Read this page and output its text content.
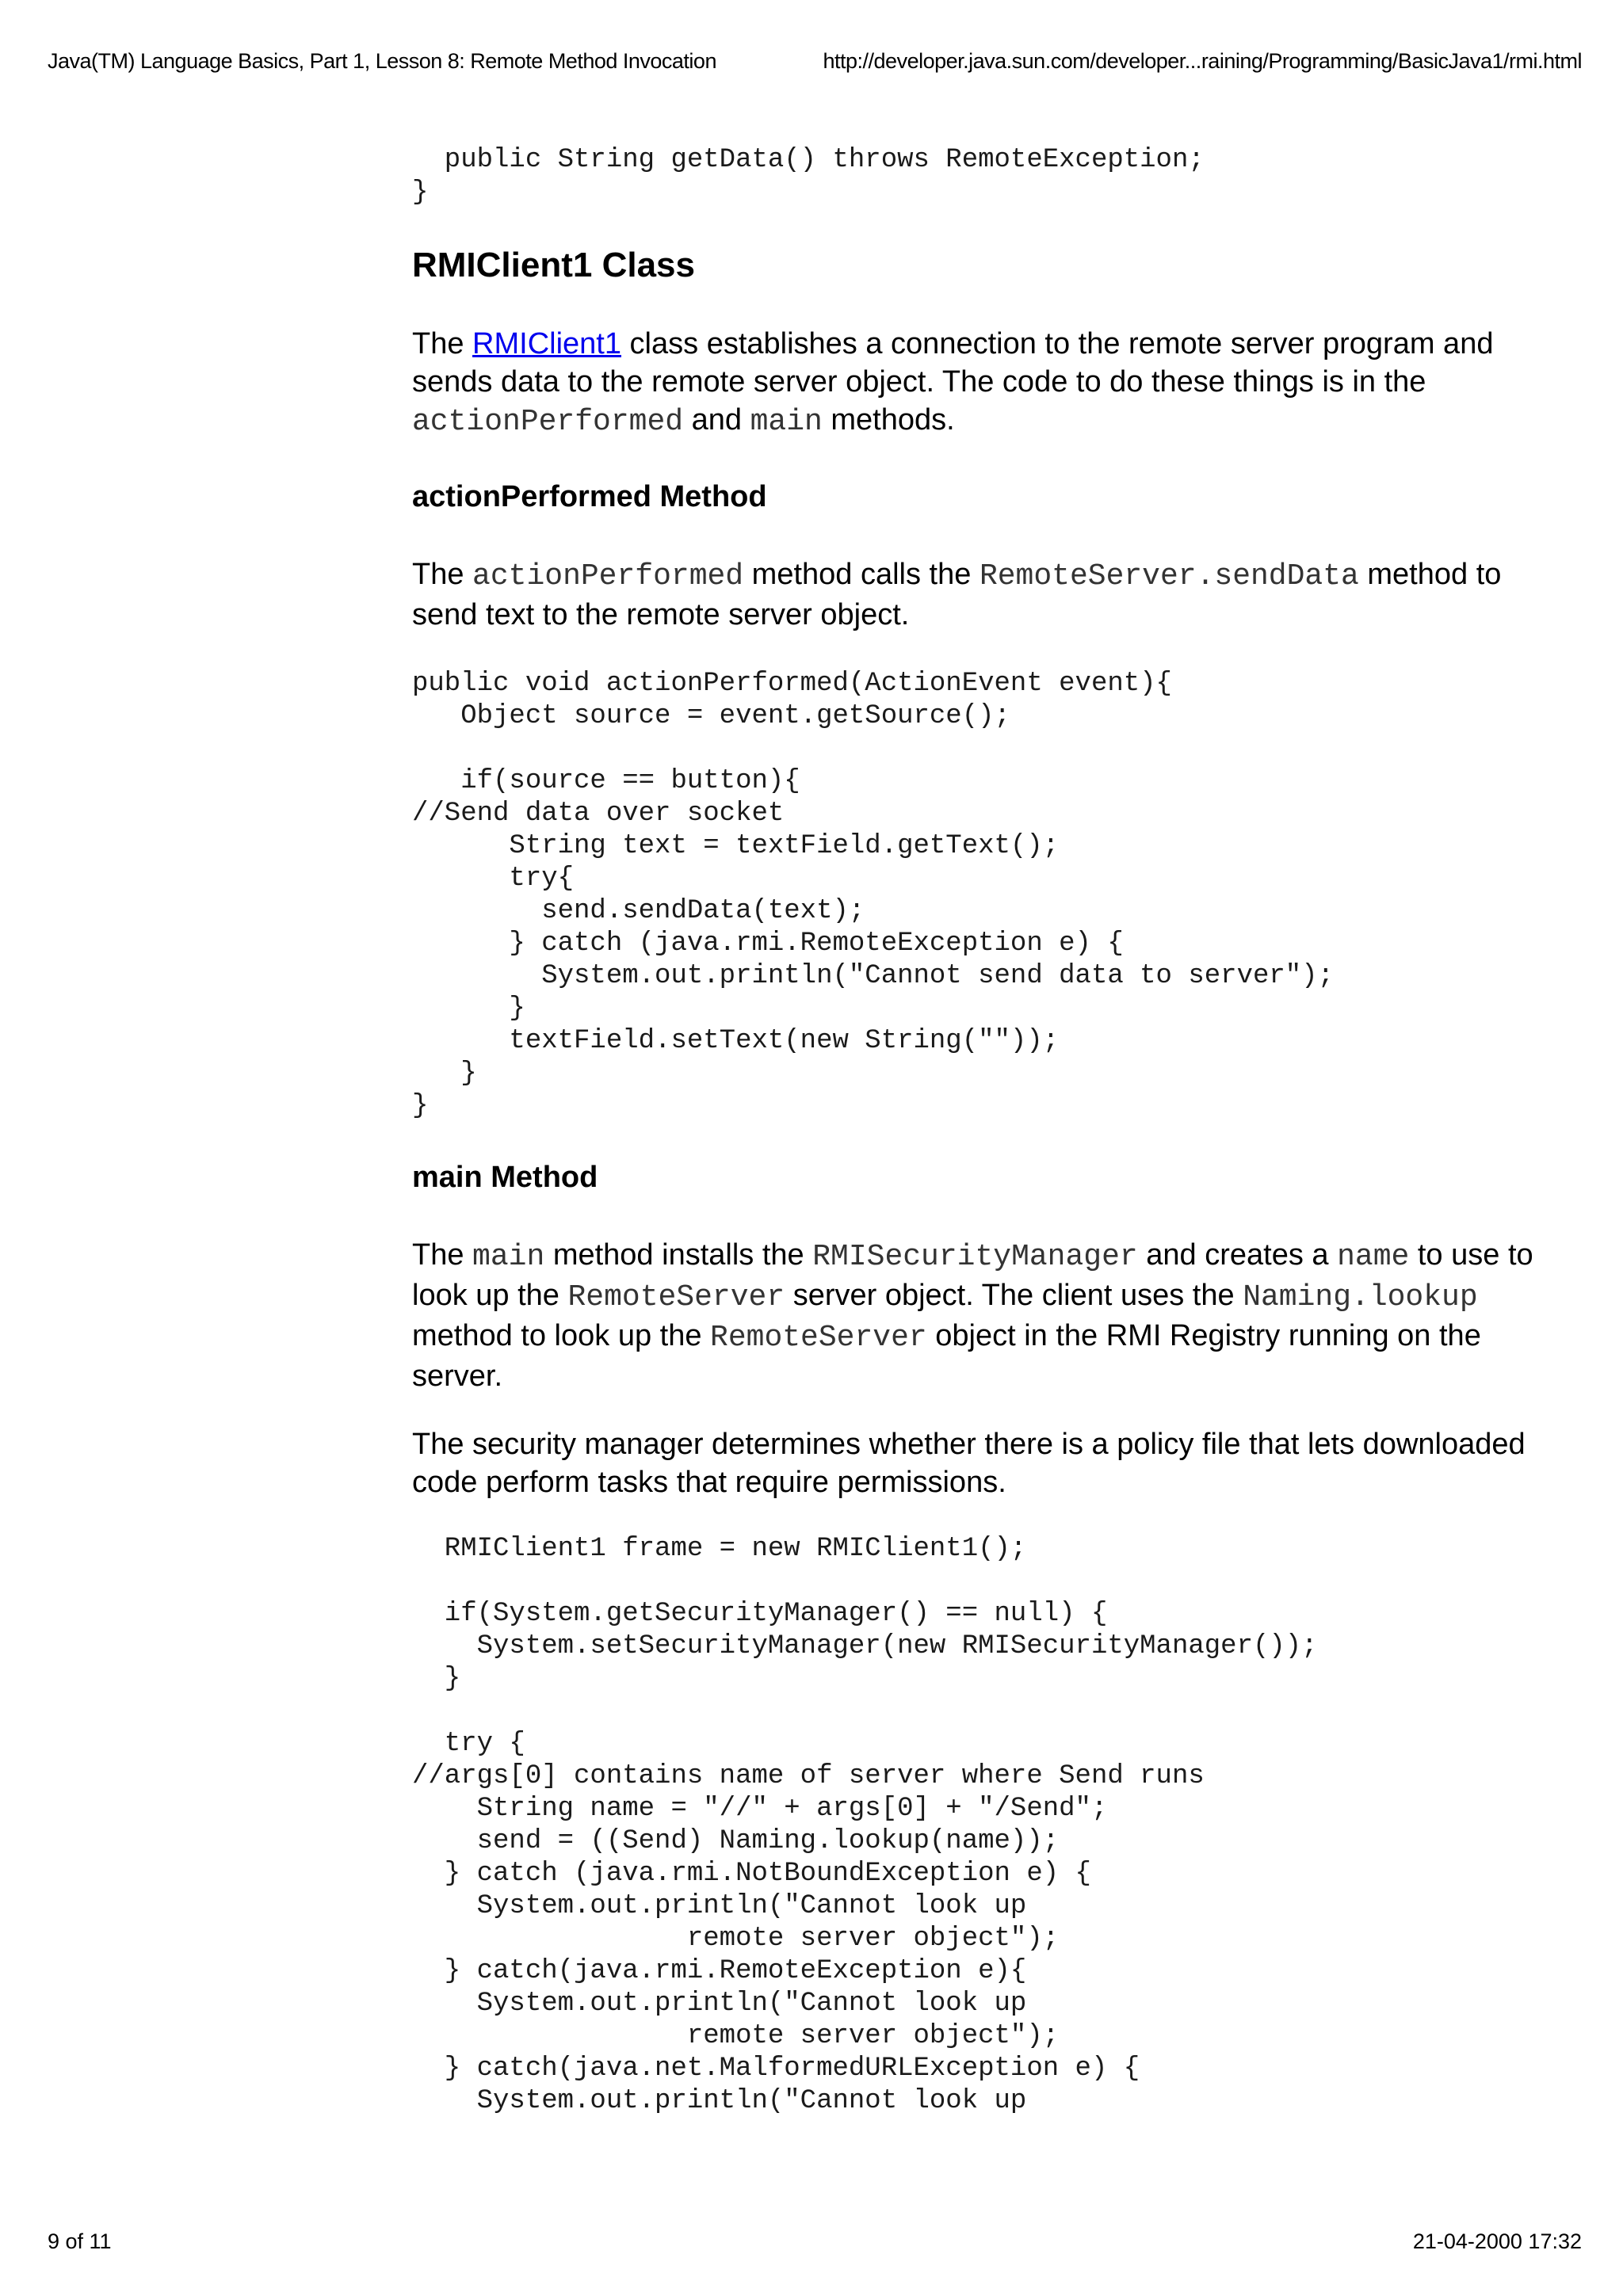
Java(TM) Language Basics, Part 1, Lesson 8: Remote Method Invocation	http://developer.java.sun.com/developer...raining/Programming/BasicJava1/rmi.html
public String getData() throws RemoteException;
}
RMIClient1 Class
The RMIClient1 class establishes a connection to the remote server program and sends data to the remote server object. The code to do these things is in the actionPerformed and main methods.
actionPerformed Method
The actionPerformed method calls the RemoteServer.sendData method to send text to the remote server object.
public void actionPerformed(ActionEvent event){
Object source = event.getSource();

if(source == button){
//Send data over socket
String text = textField.getText();
try{
send.sendData(text);
} catch (java.rmi.RemoteException e) {
System.out.println("Cannot send data to server");
}
textField.setText(new String(""));
}
}
main Method
The main method installs the RMISecurityManager and creates a name to use to look up the RemoteServer server object. The client uses the Naming.lookup method to look up the RemoteServer object in the RMI Registry running on the server.
The security manager determines whether there is a policy file that lets downloaded code perform tasks that require permissions.
RMIClient1 frame = new RMIClient1();

if(System.getSecurityManager() == null) {
System.setSecurityManager(new RMISecurityManager());
}

try {
//args[0] contains name of server where Send runs
String name = "//" + args[0] + "/Send";
send = ((Send) Naming.lookup(name));
} catch (java.rmi.NotBoundException e) {
System.out.println("Cannot look up
remote server object");
} catch(java.rmi.RemoteException e){
System.out.println("Cannot look up
remote server object");
} catch(java.net.MalformedURLException e) {
System.out.println("Cannot look up
9 of 11	21-04-2000 17:32
